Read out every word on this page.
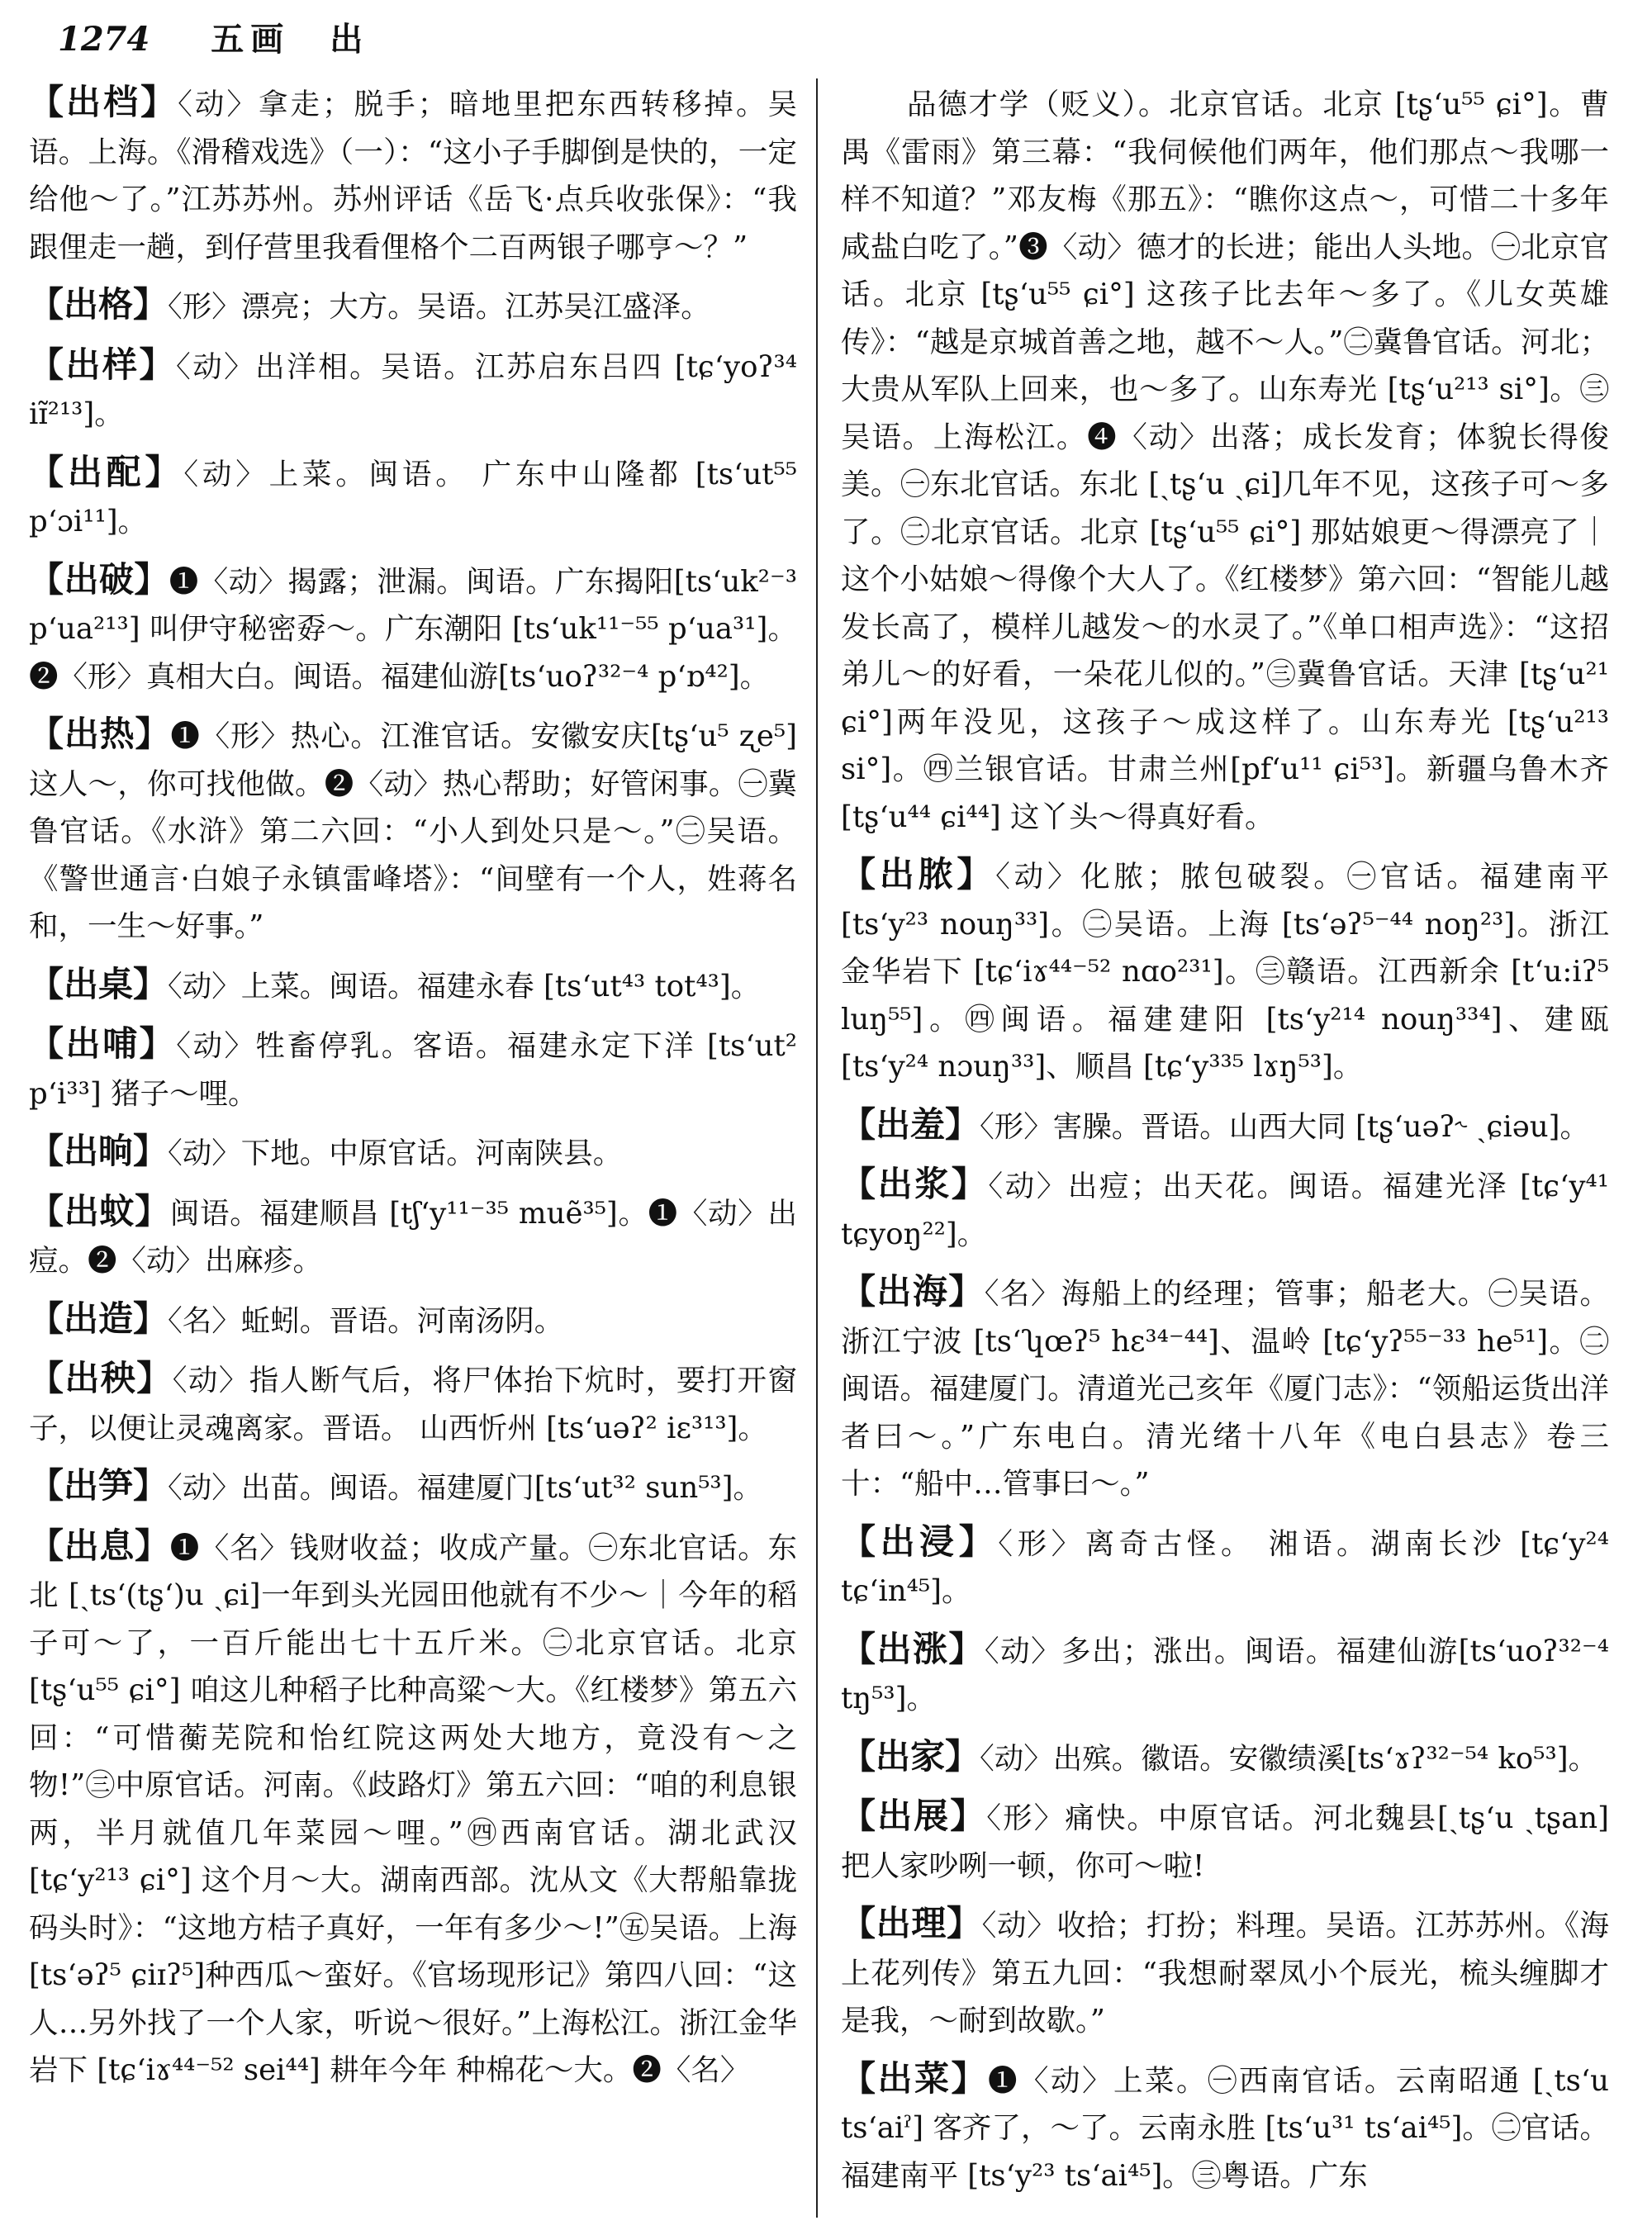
1274 五画　出

【出档】〈动〉拿走；脱手；暗地里把东西转移掉。吴语。上海。《滑稽戏选》（一）：“这小子手脚倒是快的，一定给他～了。”江苏苏州。苏州评话《岳飞·点兵收张保》：“我跟俚走一趟，到仔营里我看俚格个二百两银子哪亨～？”

【出格】〈形〉漂亮；大方。吴语。江苏吴江盛泽。

【出样】〈动〉出洋相。吴语。江苏启东吕四 [tɕ‘yoʔ³⁴ iɪ̃²¹³]。

【出配】〈动〉上菜。闽语。 广东中山隆都 [ts‘ut⁵⁵ p‘ɔi¹¹]。

【出破】❶〈动〉揭露；泄漏。闽语。广东揭阳[ts‘uk²⁻³ p‘ua²¹³] 叫伊守秘密孬～。广东潮阳 [ts‘uk¹¹⁻⁵⁵ p‘ua³¹]。❷〈形〉真相大白。闽语。福建仙游[ts‘uoʔ³²⁻⁴ p‘ɒ⁴²]。

【出热】❶〈形〉热心。江淮官话。安徽安庆[tʂ‘u⁵ ʐe⁵] 这人～，你可找他做。❷〈动〉热心帮助；好管闲事。㊀冀鲁官话。《水浒》第二六回：“小人到处只是～。”㊁吴语。《警世通言·白娘子永镇雷峰塔》：“间壁有一个人，姓蒋名和，一生～好事。”

【出桌】〈动〉上菜。闽语。福建永春 [ts‘ut⁴³ tot⁴³]。

【出哺】〈动〉牲畜停乳。客语。福建永定下洋 [ts‘ut² p‘i³³] 猪子～哩。

【出晌】〈动〉下地。中原官话。河南陕县。

【出蚊】闽语。福建顺昌 [tʃ‘y¹¹⁻³⁵ muẽ³⁵]。❶〈动〉出痘。❷〈动〉出麻疹。

【出造】〈名〉蚯蚓。晋语。河南汤阴。

【出秧】〈动〉指人断气后，将尸体抬下炕时，要打开窗子，以便让灵魂离家。晋语。 山西忻州 [ts‘uəʔ² iɛ³¹³]。

【出笋】〈动〉出苗。闽语。福建厦门[ts‘ut³² sun⁵³]。

【出息】❶〈名〉钱财收益；收成产量。㊀东北官话。东北 [ˏts‘(tʂ‘)u ˎɕi]一年到头光园田他就有不少～｜今年的稻子可～了，一百斤能出七十五斤米。㊁北京官话。北京 [tʂ‘u⁵⁵ ɕi°] 咱这儿种稻子比种高粱～大。《红楼梦》第五六回：“可惜蘅芜院和怡红院这两处大地方，竟没有～之物!”㊂中原官话。河南。《歧路灯》第五六回：“咱的利息银两，半月就值几年菜园～哩。”㊃西南官话。湖北武汉 [tɕ‘y²¹³ ɕi°] 这个月～大。湖南西部。沈从文《大帮船靠拢码头时》：“这地方桔子真好，一年有多少～!”㊄吴语。上海 [ts‘əʔ⁵ ɕiɪʔ⁵]种西瓜～蛮好。《官场现形记》第四八回：“这人…另外找了一个人家，听说～很好。”上海松江。浙江金华岩下 [tɕ‘iɤ⁴⁴⁻⁵² sei⁴⁴] 耕年今年 种棉花～大。❷〈名〉

品德才学（贬义）。北京官话。北京 [tʂ‘u⁵⁵ ɕi°]。曹禺《雷雨》第三幕：“我伺候他们两年，他们那点～我哪一样不知道？”邓友梅《那五》：“瞧你这点～，可惜二十多年咸盐白吃了。”❸〈动〉德才的长进；能出人头地。㊀北京官话。北京 [tʂ‘u⁵⁵ ɕi°] 这孩子比去年～多了。《儿女英雄传》：“越是京城首善之地，越不～人。”㊁冀鲁官话。河北；大贵从军队上回来，也～多了。山东寿光 [tʂ‘u²¹³ si°]。㊂吴语。上海松江。❹〈动〉出落；成长发育；体貌长得俊美。㊀东北官话。东北 [ˏtʂ‘u ˎɕi]几年不见，这孩子可～多了。㊁北京官话。北京 [tʂ‘u⁵⁵ ɕi°] 那姑娘更～得漂亮了｜这个小姑娘～得像个大人了。《红楼梦》第六回：“智能儿越发长高了，模样儿越发～的水灵了。”《单口相声选》：“这招弟儿～的好看，一朵花儿似的。”㊂冀鲁官话。天津 [tʂ‘u²¹ ɕi°]两年没见，这孩子～成这样了。山东寿光 [tʂ‘u²¹³ si°]。㊃兰银官话。甘肃兰州[pf‘u¹¹ ɕi⁵³]。新疆乌鲁木齐 [tʂ‘u⁴⁴ ɕi⁴⁴] 这丫头～得真好看。

【出脓】〈动〉化脓；脓包破裂。㊀官话。福建南平 [ts‘y²³ nouŋ³³]。㊁吴语。上海 [ts‘əʔ⁵⁻⁴⁴ noŋ²³]。浙江金华岩下 [tɕ‘iɤ⁴⁴⁻⁵² nɑo²³¹]。㊂赣语。江西新余 [t‘u:iʔ⁵ luŋ⁵⁵]。㊃闽语。福建建阳 [ts‘y²¹⁴ nouŋ³³⁴]、建瓯 [ts‘y²⁴ nɔuŋ³³]、顺昌 [tɕ‘y³³⁵ lɤŋ⁵³]。

【出羞】〈形〉害臊。晋语。山西大同 [tʂ‘uəʔ˞ ˏɕiəu]。

【出浆】〈动〉出痘；出天花。闽语。福建光泽 [tɕ‘y⁴¹ tɕyoŋ²²]。

【出海】〈名〉海船上的经理；管事；船老大。㊀吴语。浙江宁波 [ts‘ʮœʔ⁵ hɛ³⁴⁻⁴⁴]、温岭 [tɕ‘yʔ⁵⁵⁻³³ he⁵¹]。㊁闽语。福建厦门。清道光己亥年《厦门志》：“领船运货出洋者曰～。”广东电白。清光绪十八年《电白县志》卷三十：“船中…管事曰～。”

【出浸】〈形〉离奇古怪。 湘语。湖南长沙 [tɕ‘y²⁴ tɕ‘in⁴⁵]。

【出涨】〈动〉多出；涨出。闽语。福建仙游[ts‘uoʔ³²⁻⁴ tŋ⁵³]。

【出家】〈动〉出殡。徽语。安徽绩溪[ts‘ɤʔ³²⁻⁵⁴ ko⁵³]。

【出展】〈形〉痛快。中原官话。河北魏县[ˏtʂ‘u ˏtʂan] 把人家吵咧一顿，你可～啦!

【出理】〈动〉收拾；打扮；料理。吴语。江苏苏州。《海上花列传》第五九回：“我想耐翠凤小个辰光，梳头缠脚才是我，～耐到故歇。”

【出菜】❶〈动〉上菜。㊀西南官话。云南昭通 [ˏts‘u ts‘aiˀ] 客齐了，～了。云南永胜 [ts‘u³¹ ts‘ai⁴⁵]。㊁官话。福建南平 [ts‘y²³ ts‘ai⁴⁵]。㊂粤语。广东
